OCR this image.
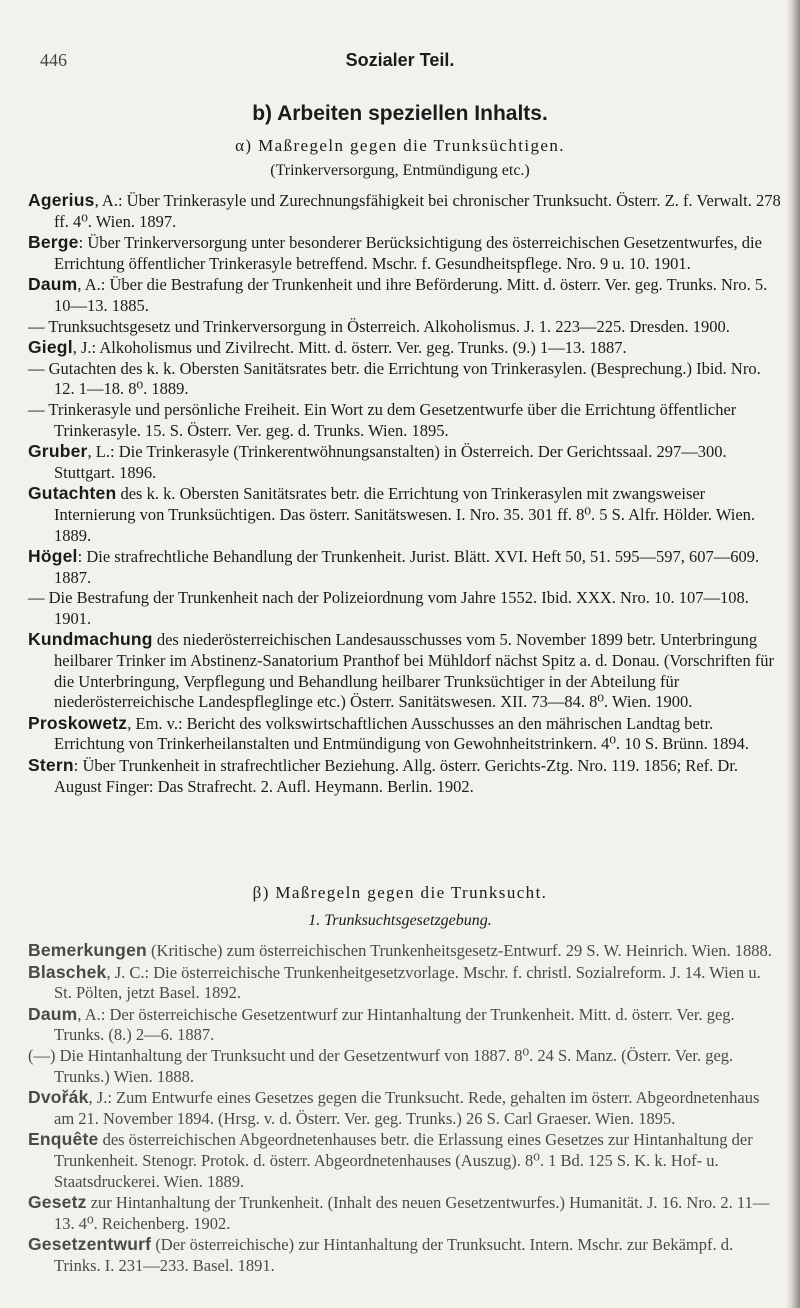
446	Sozialer Teil.
b) Arbeiten speziellen Inhalts.
α) Maßregeln gegen die Trunksüchtigen.
(Trinkerversorgung, Entmündigung etc.)
Agerius, A.: Über Trinkerasyle und Zurechnungsfähigkeit bei chronischer Trunksucht. Österr. Z. f. Verwalt. 278 ff. 4⁰. Wien. 1897.
Berge: Über Trinkerversorgung unter besonderer Berücksichtigung des österreichischen Gesetzentwurfes, die Errichtung öffentlicher Trinkerasyle betreffend. Mschr. f. Gesundheitspflege. Nro. 9 u. 10. 1901.
Daum, A.: Über die Bestrafung der Trunkenheit und ihre Beförderung. Mitt. d. österr. Ver. geg. Trunks. Nro. 5. 10—13. 1885.
— Trunksuchtsgesetz und Trinkerversorgung in Österreich. Alkoholismus. J. 1. 223—225. Dresden. 1900.
Giegl, J.: Alkoholismus und Zivilrecht. Mitt. d. österr. Ver. geg. Trunks. (9.) 1—13. 1887.
— Gutachten des k. k. Obersten Sanitätsrates betr. die Errichtung von Trinkerasylen. (Besprechung.) Ibid. Nro. 12. 1—18. 8⁰. 1889.
— Trinkerasyle und persönliche Freiheit. Ein Wort zu dem Gesetzentwurfe über die Errichtung öffentlicher Trinkerasyle. 15. S. Österr. Ver. geg. d. Trunks. Wien. 1895.
Gruber, L.: Die Trinkerasyle (Trinkerentwöhnungsanstalten) in Österreich. Der Gerichtssaal. 297—300. Stuttgart. 1896.
Gutachten des k. k. Obersten Sanitätsrates betr. die Errichtung von Trinkerasylen mit zwangsweiser Internierung von Trunksüchtigen. Das österr. Sanitätswesen. I. Nro. 35. 301 ff. 8⁰. 5 S. Alfr. Hölder. Wien. 1889.
Högel: Die strafrechtliche Behandlung der Trunkenheit. Jurist. Blätt. XVI. Heft 50, 51. 595—597, 607—609. 1887.
— Die Bestrafung der Trunkenheit nach der Polizeiordnung vom Jahre 1552. Ibid. XXX. Nro. 10. 107—108. 1901.
Kundmachung des niederösterreichischen Landesausschusses vom 5. November 1899 betr. Unterbringung heilbarer Trinker im Abstinenz-Sanatorium Pranthof bei Mühldorf nächst Spitz a. d. Donau. (Vorschriften für die Unterbringung, Verpflegung und Behandlung heilbarer Trunksüchtiger in der Abteilung für niederösterreichische Landespfleglinge etc.) Österr. Sanitätswesen. XII. 73—84. 8⁰. Wien. 1900.
Proskowetz, Em. v.: Bericht des volkswirtschaftlichen Ausschusses an den mährischen Landtag betr. Errichtung von Trinkerheilanstalten und Entmündigung von Gewohnheitstrinkern. 4⁰. 10 S. Brünn. 1894.
Stern: Über Trunkenheit in strafrechtlicher Beziehung. Allg. österr. Gerichts-Ztg. Nro. 119. 1856; Ref. Dr. August Finger: Das Strafrecht. 2. Aufl. Heymann. Berlin. 1902.
β) Maßregeln gegen die Trunksucht.
1. Trunksuchtsgesetzgebung.
Bemerkungen (Kritische) zum österreichischen Trunkenheitsgesetz-Entwurf. 29 S. W. Heinrich. Wien. 1888.
Blaschek, J. C.: Die österreichische Trunkenheitgesetzvorlage. Mschr. f. christl. Sozialreform. J. 14. Wien u. St. Pölten, jetzt Basel. 1892.
Daum, A.: Der österreichische Gesetzentwurf zur Hintanhaltung der Trunkenheit. Mitt. d. österr. Ver. geg. Trunks. (8.) 2—6. 1887.
(—) Die Hintanhaltung der Trunksucht und der Gesetzentwurf von 1887. 8⁰. 24 S. Manz. (Österr. Ver. geg. Trunks.) Wien. 1888.
Dvořák, J.: Zum Entwurfe eines Gesetzes gegen die Trunksucht. Rede, gehalten im österr. Abgeordnetenhaus am 21. November 1894. (Hrsg. v. d. Österr. Ver. geg. Trunks.) 26 S. Carl Graeser. Wien. 1895.
Enquête des österreichischen Abgeordnetenhauses betr. die Erlassung eines Gesetzes zur Hintanhaltung der Trunkenheit. Stenogr. Protok. d. österr. Abgeordnetenhauses (Auszug). 8⁰. 1 Bd. 125 S. K. k. Hof- u. Staatsdruckerei. Wien. 1889.
Gesetz zur Hintanhaltung der Trunkenheit. (Inhalt des neuen Gesetzentwurfes.) Humanität. J. 16. Nro. 2. 11—13. 4⁰. Reichenberg. 1902.
Gesetzentwurf (Der österreichische) zur Hintanhaltung der Trunksucht. Intern. Mschr. zur Bekämpf. d. Trinks. I. 231—233. Basel. 1891.
